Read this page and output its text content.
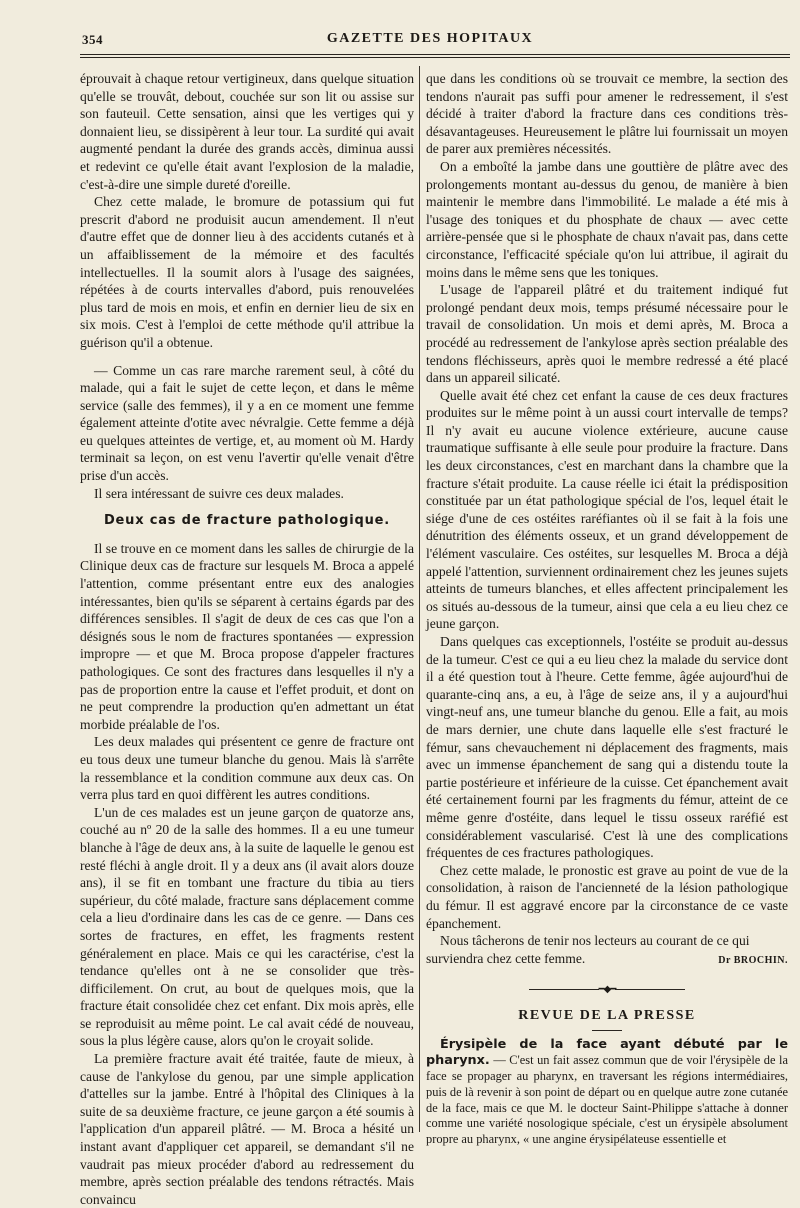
354	GAZETTE DES HOPITAUX

éprouvait à chaque retour vertigineux, dans quelque situation qu'elle se trouvât, debout, couchée sur son lit ou assise sur son fauteuil. Cette sensation, ainsi que les vertiges qui y donnaient lieu, se dissipèrent à leur tour. La surdité qui avait augmenté pendant la durée des grands accès, diminua aussi et redevint ce qu'elle était avant l'explosion de la maladie, c'est-à-dire une simple dureté d'oreille.

Chez cette malade, le bromure de potassium qui fut prescrit d'abord ne produisit aucun amendement. Il n'eut d'autre effet que de donner lieu à des accidents cutanés et à un affaiblissement de la mémoire et des facultés intellectuelles. Il la soumit alors à l'usage des saignées, répétées à de courts intervalles d'abord, puis renouvelées plus tard de mois en mois, et enfin en dernier lieu de six en six mois. C'est à l'emploi de cette méthode qu'il attribue la guérison qu'il a obtenue.

— Comme un cas rare marche rarement seul, à côté du malade, qui a fait le sujet de cette leçon, et dans le même service (salle des femmes), il y a en ce moment une femme également atteinte d'otite avec névralgie. Cette femme a déjà eu quelques atteintes de vertige, et, au moment où M. Hardy terminait sa leçon, on est venu l'avertir qu'elle venait d'être prise d'un accès.

Il sera intéressant de suivre ces deux malades.

Deux cas de fracture pathologique.

Il se trouve en ce moment dans les salles de chirurgie de la Clinique deux cas de fracture sur lesquels M. Broca a appelé l'attention, comme présentant entre eux des analogies intéressantes, bien qu'ils se séparent à certains égards par des différences sensibles. Il s'agit de deux de ces cas que l'on a désignés sous le nom de fractures spontanées — expression impropre — et que M. Broca propose d'appeler fractures pathologiques. Ce sont des fractures dans lesquelles il n'y a pas de proportion entre la cause et l'effet produit, et dont on ne peut comprendre la production qu'en admettant un état morbide préalable de l'os.

Les deux malades qui présentent ce genre de fracture ont eu tous deux une tumeur blanche du genou. Mais là s'arrête la ressemblance et la condition commune aux deux cas. On verra plus tard en quoi diffèrent les autres conditions.

L'un de ces malades est un jeune garçon de quatorze ans, couché au nº 20 de la salle des hommes. Il a eu une tumeur blanche à l'âge de deux ans, à la suite de laquelle le genou est resté fléchi à angle droit. Il y a deux ans (il avait alors douze ans), il se fit en tombant une fracture du tibia au tiers supérieur, du côté malade, fracture sans déplacement comme cela a lieu d'ordinaire dans les cas de ce genre. — Dans ces sortes de fractures, en effet, les fragments restent généralement en place. Mais ce qui les caractérise, c'est la tendance qu'elles ont à ne se consolider que très-difficilement. On crut, au bout de quelques mois, que la fracture était consolidée chez cet enfant. Dix mois après, elle se reproduisit au même point. Le cal avait cédé de nouveau, sous la plus légère cause, alors qu'on le croyait solide.

La première fracture avait été traitée, faute de mieux, à cause de l'ankylose du genou, par une simple application d'attelles sur la jambe. Entré à l'hôpital des Cliniques à la suite de sa deuxième fracture, ce jeune garçon a été soumis à l'application d'un appareil plâtré. — M. Broca a hésité un instant avant d'appliquer cet appareil, se demandant s'il ne vaudrait pas mieux procéder d'abord au redressement du membre, après section préalable des tendons rétractés. Mais convaincu

que dans les conditions où se trouvait ce membre, la section des tendons n'aurait pas suffi pour amener le redressement, il s'est décidé à traiter d'abord la fracture dans ces conditions très-désavantageuses. Heureusement le plâtre lui fournissait un moyen de parer aux premières nécessités.

On a emboîté la jambe dans une gouttière de plâtre avec des prolongements montant au-dessus du genou, de manière à bien maintenir le membre dans l'immobilité. Le malade a été mis à l'usage des toniques et du phosphate de chaux — avec cette arrière-pensée que si le phosphate de chaux n'avait pas, dans cette circonstance, l'efficacité spéciale qu'on lui attribue, il agirait du moins dans le même sens que les toniques.

L'usage de l'appareil plâtré et du traitement indiqué fut prolongé pendant deux mois, temps présumé nécessaire pour le travail de consolidation. Un mois et demi après, M. Broca a procédé au redressement de l'ankylose après section préalable des tendons fléchisseurs, après quoi le membre redressé a été placé dans un appareil silicaté.

Quelle avait été chez cet enfant la cause de ces deux fractures produites sur le même point à un aussi court intervalle de temps? Il n'y avait eu aucune violence extérieure, aucune cause traumatique suffisante à elle seule pour produire la fracture. Dans les deux circonstances, c'est en marchant dans la chambre que la fracture s'était produite. La cause réelle ici était la prédisposition constituée par un état pathologique spécial de l'os, lequel était le siége d'une de ces ostéites raréfiantes où il se fait à la fois une dénutrition des éléments osseux, et un grand développement de l'élément vasculaire. Ces ostéites, sur lesquelles M. Broca a déjà appelé l'attention, surviennent ordinairement chez les jeunes sujets atteints de tumeurs blanches, et elles affectent principalement les os situés au-dessous de la tumeur, ainsi que cela a eu lieu chez ce jeune garçon.

Dans quelques cas exceptionnels, l'ostéite se produit au-dessus de la tumeur. C'est ce qui a eu lieu chez la malade du service dont il a été question tout à l'heure. Cette femme, âgée aujourd'hui de quarante-cinq ans, a eu, à l'âge de seize ans, il y a aujourd'hui vingt-neuf ans, une tumeur blanche du genou. Elle a fait, au mois de mars dernier, une chute dans laquelle elle s'est fracturé le fémur, sans chevauchement ni déplacement des fragments, mais avec un immense épanchement de sang qui a distendu toute la partie postérieure et inférieure de la cuisse. Cet épanchement avait été certainement fourni par les fragments du fémur, atteint de ce même genre d'ostéite, dans lequel le tissu osseux raréfié est considérablement vascularisé. C'est là une des complications fréquentes de ces fractures pathologiques.

Chez cette malade, le pronostic est grave au point de vue de la consolidation, à raison de l'ancienneté de la lésion pathologique du fémur. Il est aggravé encore par la circonstance de ce vaste épanchement.

Nous tâcherons de tenir nos lecteurs au courant de ce qui

surviendra chez cette femme.	Dr BROCHIN.
━◆━
REVUE DE LA PRESSE

Érysipèle de la face ayant débuté par le pharynx. — C'est un fait assez commun que de voir l'érysipèle de la face se propager au pharynx, en traversant les régions intermédiaires, puis de là revenir à son point de départ ou en quelque autre zone cutanée de la face, mais ce que M. le docteur Saint-Philippe s'attache à donner comme une variété nosologique spéciale, c'est un érysipèle absolument propre au pharynx, « une angine érysipélateuse essentielle et
